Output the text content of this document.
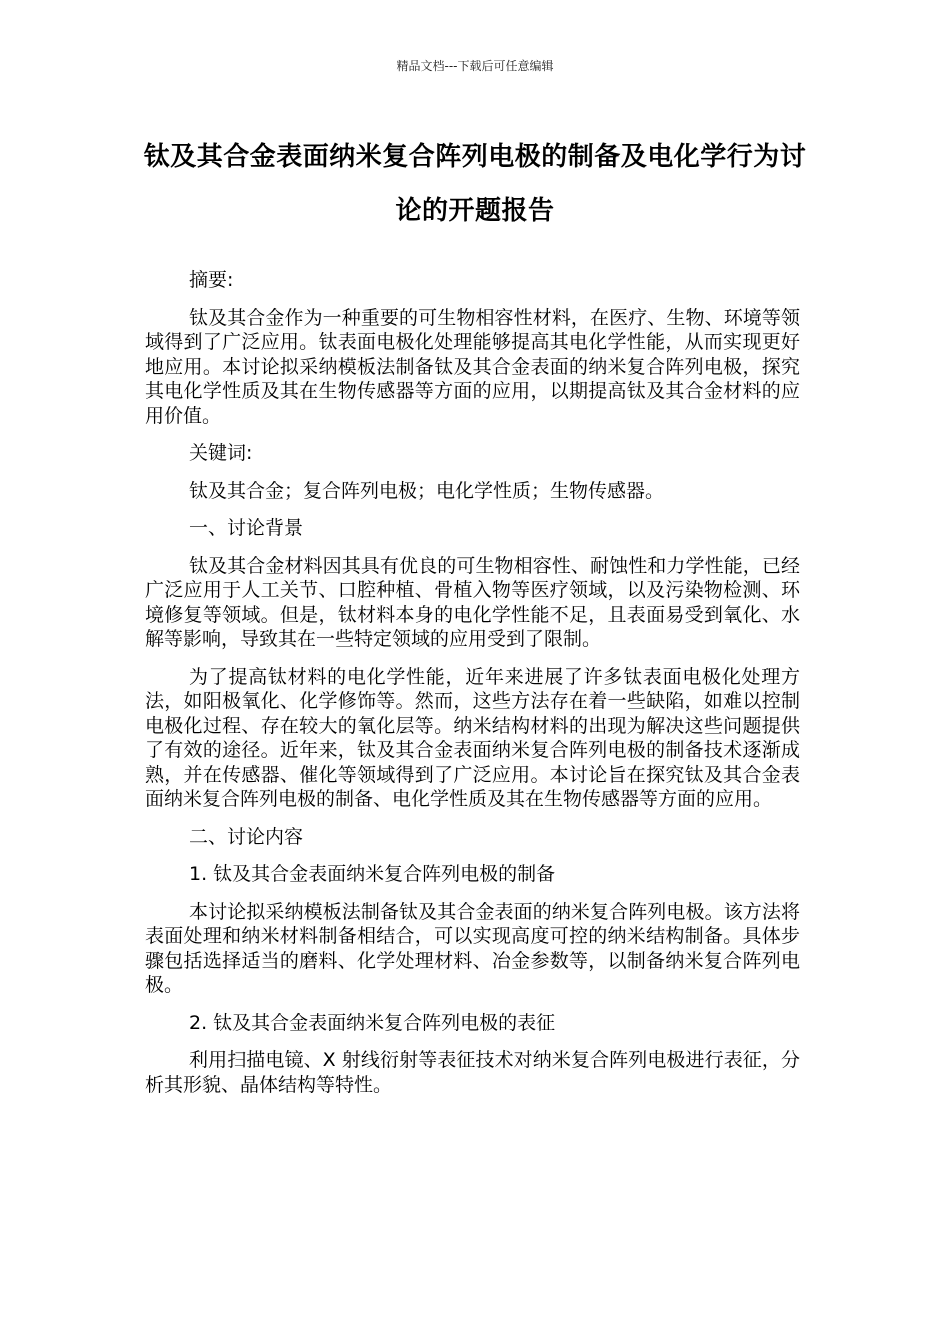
精品文档---下载后可任意编辑
钛及其合金表面纳米复合阵列电极的制备及电化学行为讨论的开题报告

摘要:

钛及其合金作为一种重要的可生物相容性材料，在医疗、生物、环境等领域得到了广泛应用。钛表面电极化处理能够提高其电化学性能，从而实现更好地应用。本讨论拟采纳模板法制备钛及其合金表面的纳米复合阵列电极，探究其电化学性质及其在生物传感器等方面的应用，以期提高钛及其合金材料的应用价值。

关键词:

钛及其合金；复合阵列电极；电化学性质；生物传感器。

一、讨论背景

钛及其合金材料因其具有优良的可生物相容性、耐蚀性和力学性能，已经广泛应用于人工关节、口腔种植、骨植入物等医疗领域，以及污染物检测、环境修复等领域。但是，钛材料本身的电化学性能不足，且表面易受到氧化、水解等影响，导致其在一些特定领域的应用受到了限制。

为了提高钛材料的电化学性能，近年来进展了许多钛表面电极化处理方法，如阳极氧化、化学修饰等。然而，这些方法存在着一些缺陷，如难以控制电极化过程、存在较大的氧化层等。纳米结构材料的出现为解决这些问题提供了有效的途径。近年来，钛及其合金表面纳米复合阵列电极的制备技术逐渐成熟，并在传感器、催化等领域得到了广泛应用。本讨论旨在探究钛及其合金表面纳米复合阵列电极的制备、电化学性质及其在生物传感器等方面的应用。

二、讨论内容

1. 钛及其合金表面纳米复合阵列电极的制备

本讨论拟采纳模板法制备钛及其合金表面的纳米复合阵列电极。该方法将表面处理和纳米材料制备相结合，可以实现高度可控的纳米结构制备。具体步骤包括选择适当的磨料、化学处理材料、冶金参数等，以制备纳米复合阵列电极。

2. 钛及其合金表面纳米复合阵列电极的表征

利用扫描电镜、X 射线衍射等表征技术对纳米复合阵列电极进行表征，分析其形貌、晶体结构等特性。
